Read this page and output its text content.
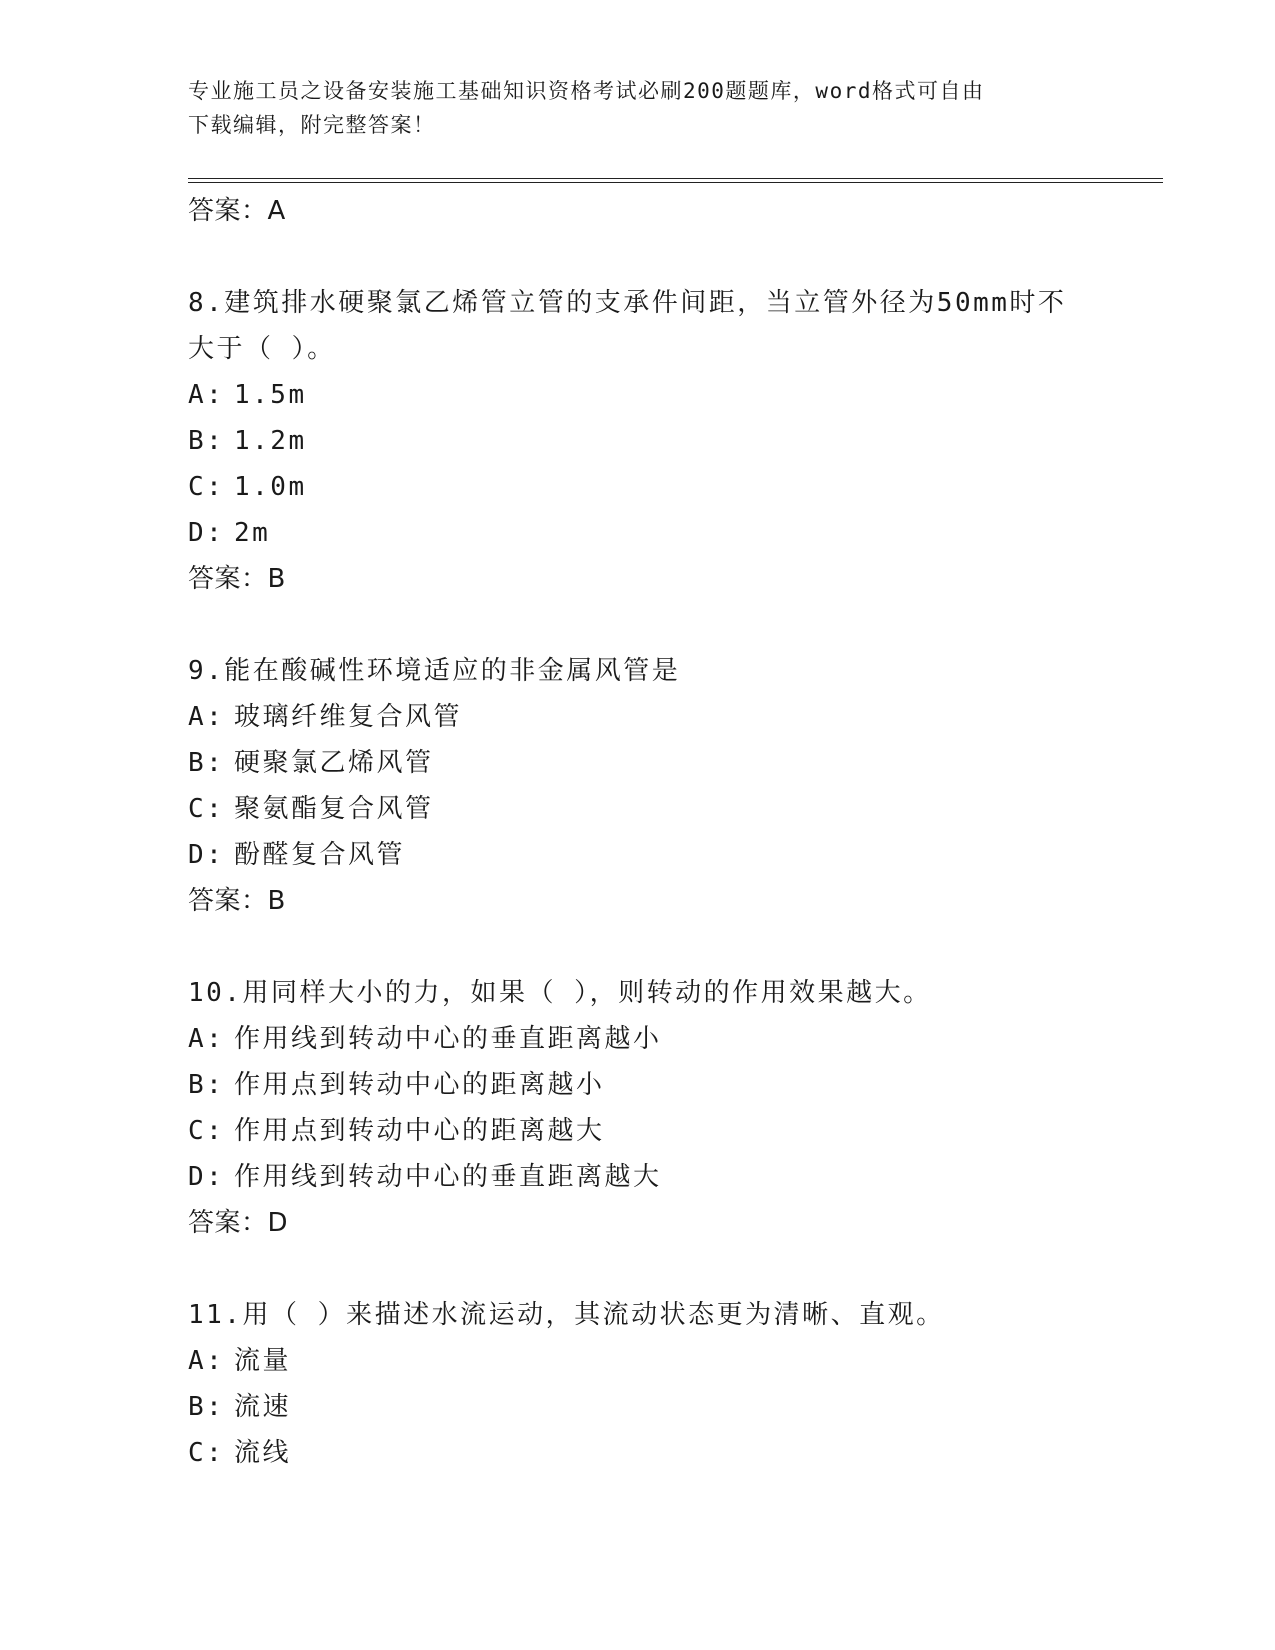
专业施工员之设备安装施工基础知识资格考试必刷200题题库，word格式可自由
下载编辑，附完整答案！

答案：A

8.建筑排水硬聚氯乙烯管立管的支承件间距，当立管外径为50mm时不大于（ ）。

A: 1.5m

B: 1.2m

C: 1.0m

D: 2m

答案：B

9.能在酸碱性环境适应的非金属风管是

A: 玻璃纤维复合风管

B: 硬聚氯乙烯风管

C: 聚氨酯复合风管

D: 酚醛复合风管

答案：B

10.用同样大小的力，如果（ ），则转动的作用效果越大。

A: 作用线到转动中心的垂直距离越小

B: 作用点到转动中心的距离越小

C: 作用点到转动中心的距离越大

D: 作用线到转动中心的垂直距离越大

答案：D

11.用（ ）来描述水流运动，其流动状态更为清晰、直观。

A: 流量

B: 流速

C: 流线
